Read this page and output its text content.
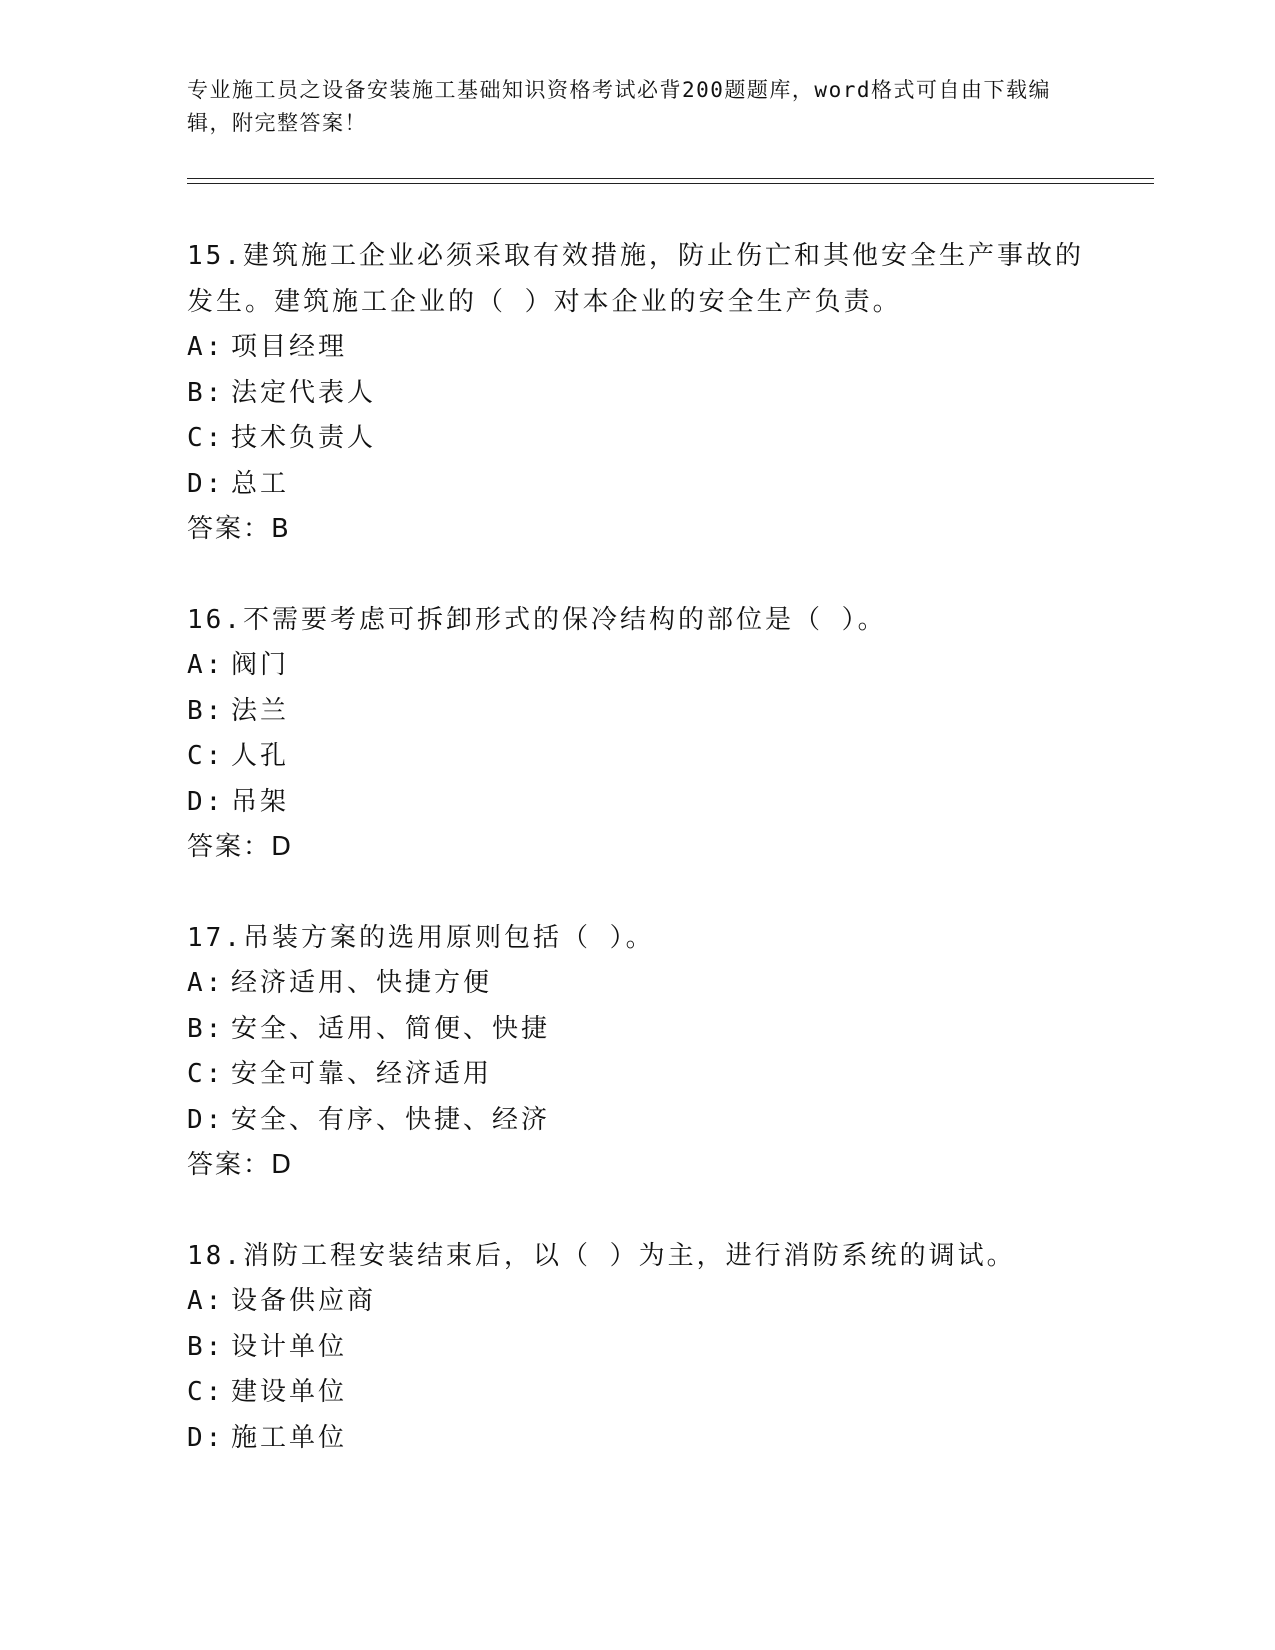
专业施工员之设备安装施工基础知识资格考试必背200题题库，word格式可自由下载编辑，附完整答案！
15.建筑施工企业必须采取有效措施，防止伤亡和其他安全生产事故的发生。建筑施工企业的（ ）对本企业的安全生产负责。
A: 项目经理
B: 法定代表人
C: 技术负责人
D: 总工
答案：B
16.不需要考虑可拆卸形式的保冷结构的部位是（ ）。
A: 阀门
B: 法兰
C: 人孔
D: 吊架
答案：D
17.吊装方案的选用原则包括（ ）。
A: 经济适用、快捷方便
B: 安全、适用、简便、快捷
C: 安全可靠、经济适用
D: 安全、有序、快捷、经济
答案：D
18.消防工程安装结束后，以（ ）为主，进行消防系统的调试。
A: 设备供应商
B: 设计单位
C: 建设单位
D: 施工单位
